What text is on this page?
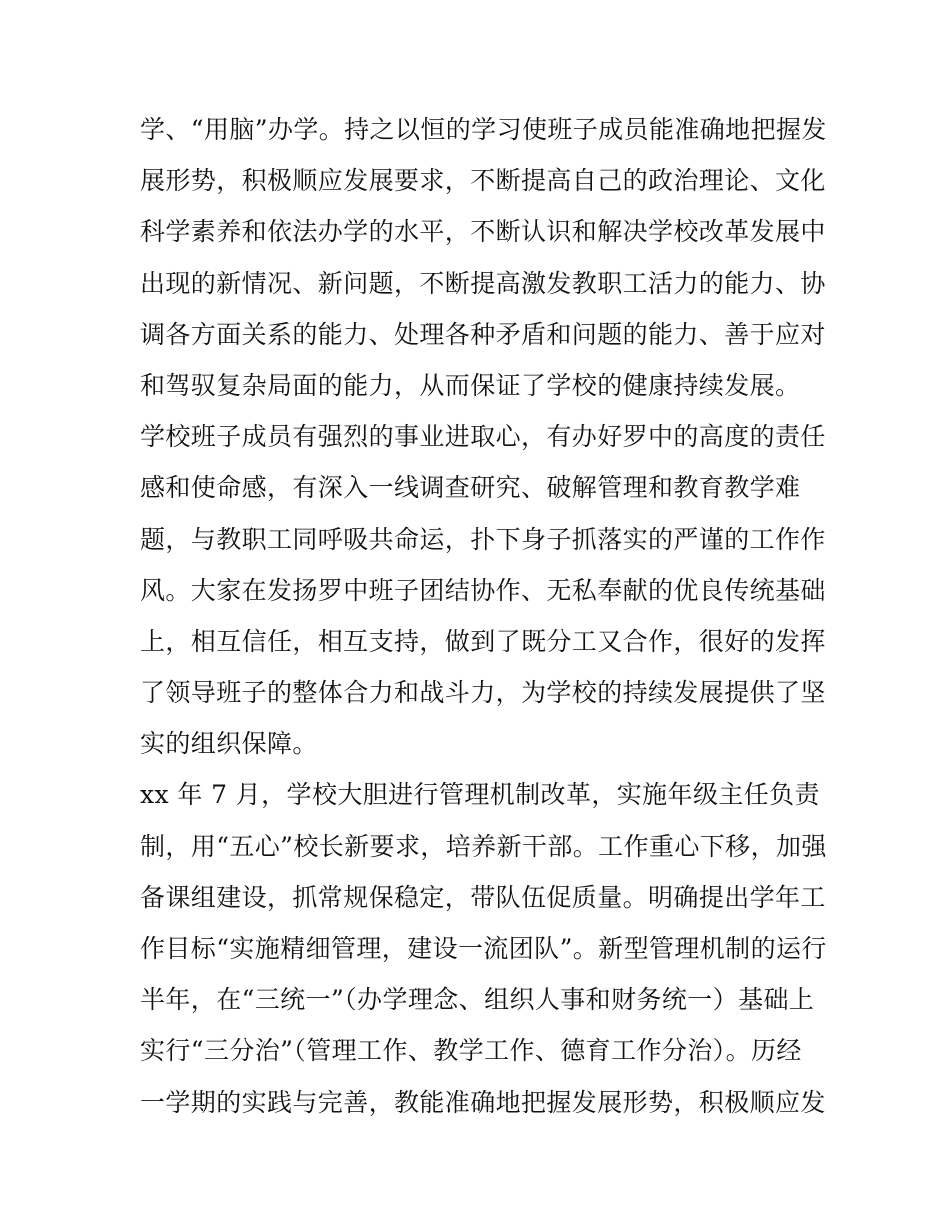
学、“用脑”办学。持之以恒的学习使班子成员能准确地把握发
展形势，积极顺应发展要求，不断提高自己的政治理论、文化
科学素养和依法办学的水平，不断认识和解决学校改革发展中
出现的新情况、新问题，不断提高激发教职工活力的能力、协
调各方面关系的能力、处理各种矛盾和问题的能力、善于应对
和驾驭复杂局面的能力，从而保证了学校的健康持续发展。
学校班子成员有强烈的事业进取心，有办好罗中的高度的责任
感和使命感，有深入一线调查研究、破解管理和教育教学难
题，与教职工同呼吸共命运，扑下身子抓落实的严谨的工作作
风。大家在发扬罗中班子团结协作、无私奉献的优良传统基础
上，相互信任，相互支持，做到了既分工又合作，很好的发挥
了领导班子的整体合力和战斗力，为学校的持续发展提供了坚
实的组织保障。
xx 年 7 月，学校大胆进行管理机制改革，实施年级主任负责
制，用“五心”校长新要求，培养新干部。工作重心下移，加强
备课组建设，抓常规保稳定，带队伍促质量。明确提出学年工
作目标“实施精细管理，建设一流团队”。新型管理机制的运行
半年，在“三统一”（办学理念、组织人事和财务统一）基础上
实行“三分治”（管理工作、教学工作、德育工作分治）。历经
一学期的实践与完善，教能准确地把握发展形势，积极顺应发
